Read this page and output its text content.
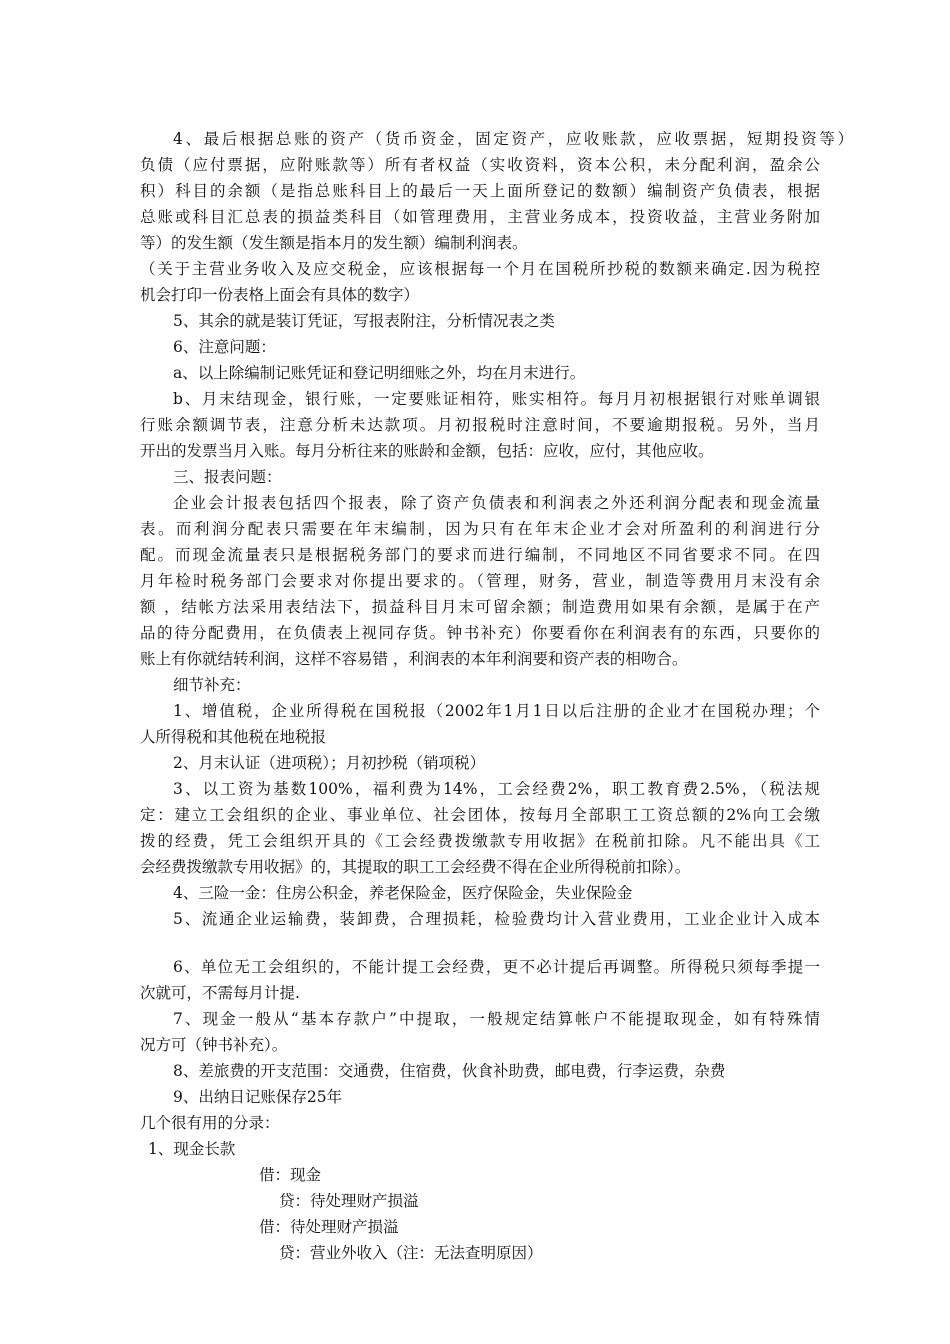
4、最后根据总账的资产（货币资金，固定资产，应收账款，应收票据，短期投资等）

负债（应付票据，应附账款等）所有者权益（实收资料，资本公积，未分配利润，盈余公

积）科目的余额（是指总账科目上的最后一天上面所登记的数额）编制资产负债表，根据

总账或科目汇总表的损益类科目（如管理费用，主营业务成本，投资收益，主营业务附加

等）的发生额（发生额是指本月的发生额）编制利润表。

（关于主营业务收入及应交税金，应该根据每一个月在国税所抄税的数额来确定.因为税控

机会打印一份表格上面会有具体的数字）

5、其余的就是装订凭证，写报表附注，分析情况表之类

6、注意问题：

a、以上除编制记账凭证和登记明细账之外，均在月末进行。

b、月末结现金，银行账，一定要账证相符，账实相符。每月月初根据银行对账单调银

行账余额调节表，注意分析未达款项。月初报税时注意时间，不要逾期报税。另外，当月

开出的发票当月入账。每月分析往来的账龄和金额，包括：应收，应付，其他应收。

三、报表问题：

企业会计报表包括四个报表，除了资产负债表和利润表之外还利润分配表和现金流量

表。而利润分配表只需要在年末编制，因为只有在年末企业才会对所盈利的利润进行分

配。而现金流量表只是根据税务部门的要求而进行编制，不同地区不同省要求不同。在四

月年检时税务部门会要求对你提出要求的。（管理，财务，营业，制造等费用月末没有余

额 ，结帐方法采用表结法下，损益科目月末可留余额；制造费用如果有余额，是属于在产

品的待分配费用，在负债表上视同存货。钟书补充）你要看你在利润表有的东西，只要你的

账上有你就结转利润，这样不容易错 ，利润表的本年利润要和资产表的相吻合。

细节补充：

1、增值税，企业所得税在国税报（2002年1月1日以后注册的企业才在国税办理；个

人所得税和其他税在地税报

2、月末认证（进项税）；月初抄税（销项税）

3、以工资为基数100%，福利费为14%，工会经费2%，职工教育费2.5%，（税法规

定：建立工会组织的企业、事业单位、社会团体，按每月全部职工工资总额的2%向工会缴

拨的经费，凭工会组织开具的《工会经费拨缴款专用收据》在税前扣除。凡不能出具《工

会经费拨缴款专用收据》的，其提取的职工工会经费不得在企业所得税前扣除）。

4、三险一金：住房公积金，养老保险金，医疗保险金，失业保险金

5、流通企业运输费，装卸费，合理损耗，检验费均计入营业费用，工业企业计入成本

6、单位无工会组织的，不能计提工会经费，更不必计提后再调整。所得税只须每季提一

次就可，不需每月计提.

7、现金一般从“基本存款户”中提取，一般规定结算帐户不能提取现金，如有特殊情

况方可（钟书补充）。

8、差旅费的开支范围：交通费，住宿费，伙食补助费，邮电费，行李运费，杂费

9、出纳日记账保存25年

几个很有用的分录：

1、现金长款

借：现金

贷：待处理财产损溢

借：待处理财产损溢

贷：营业外收入（注：无法查明原因）
